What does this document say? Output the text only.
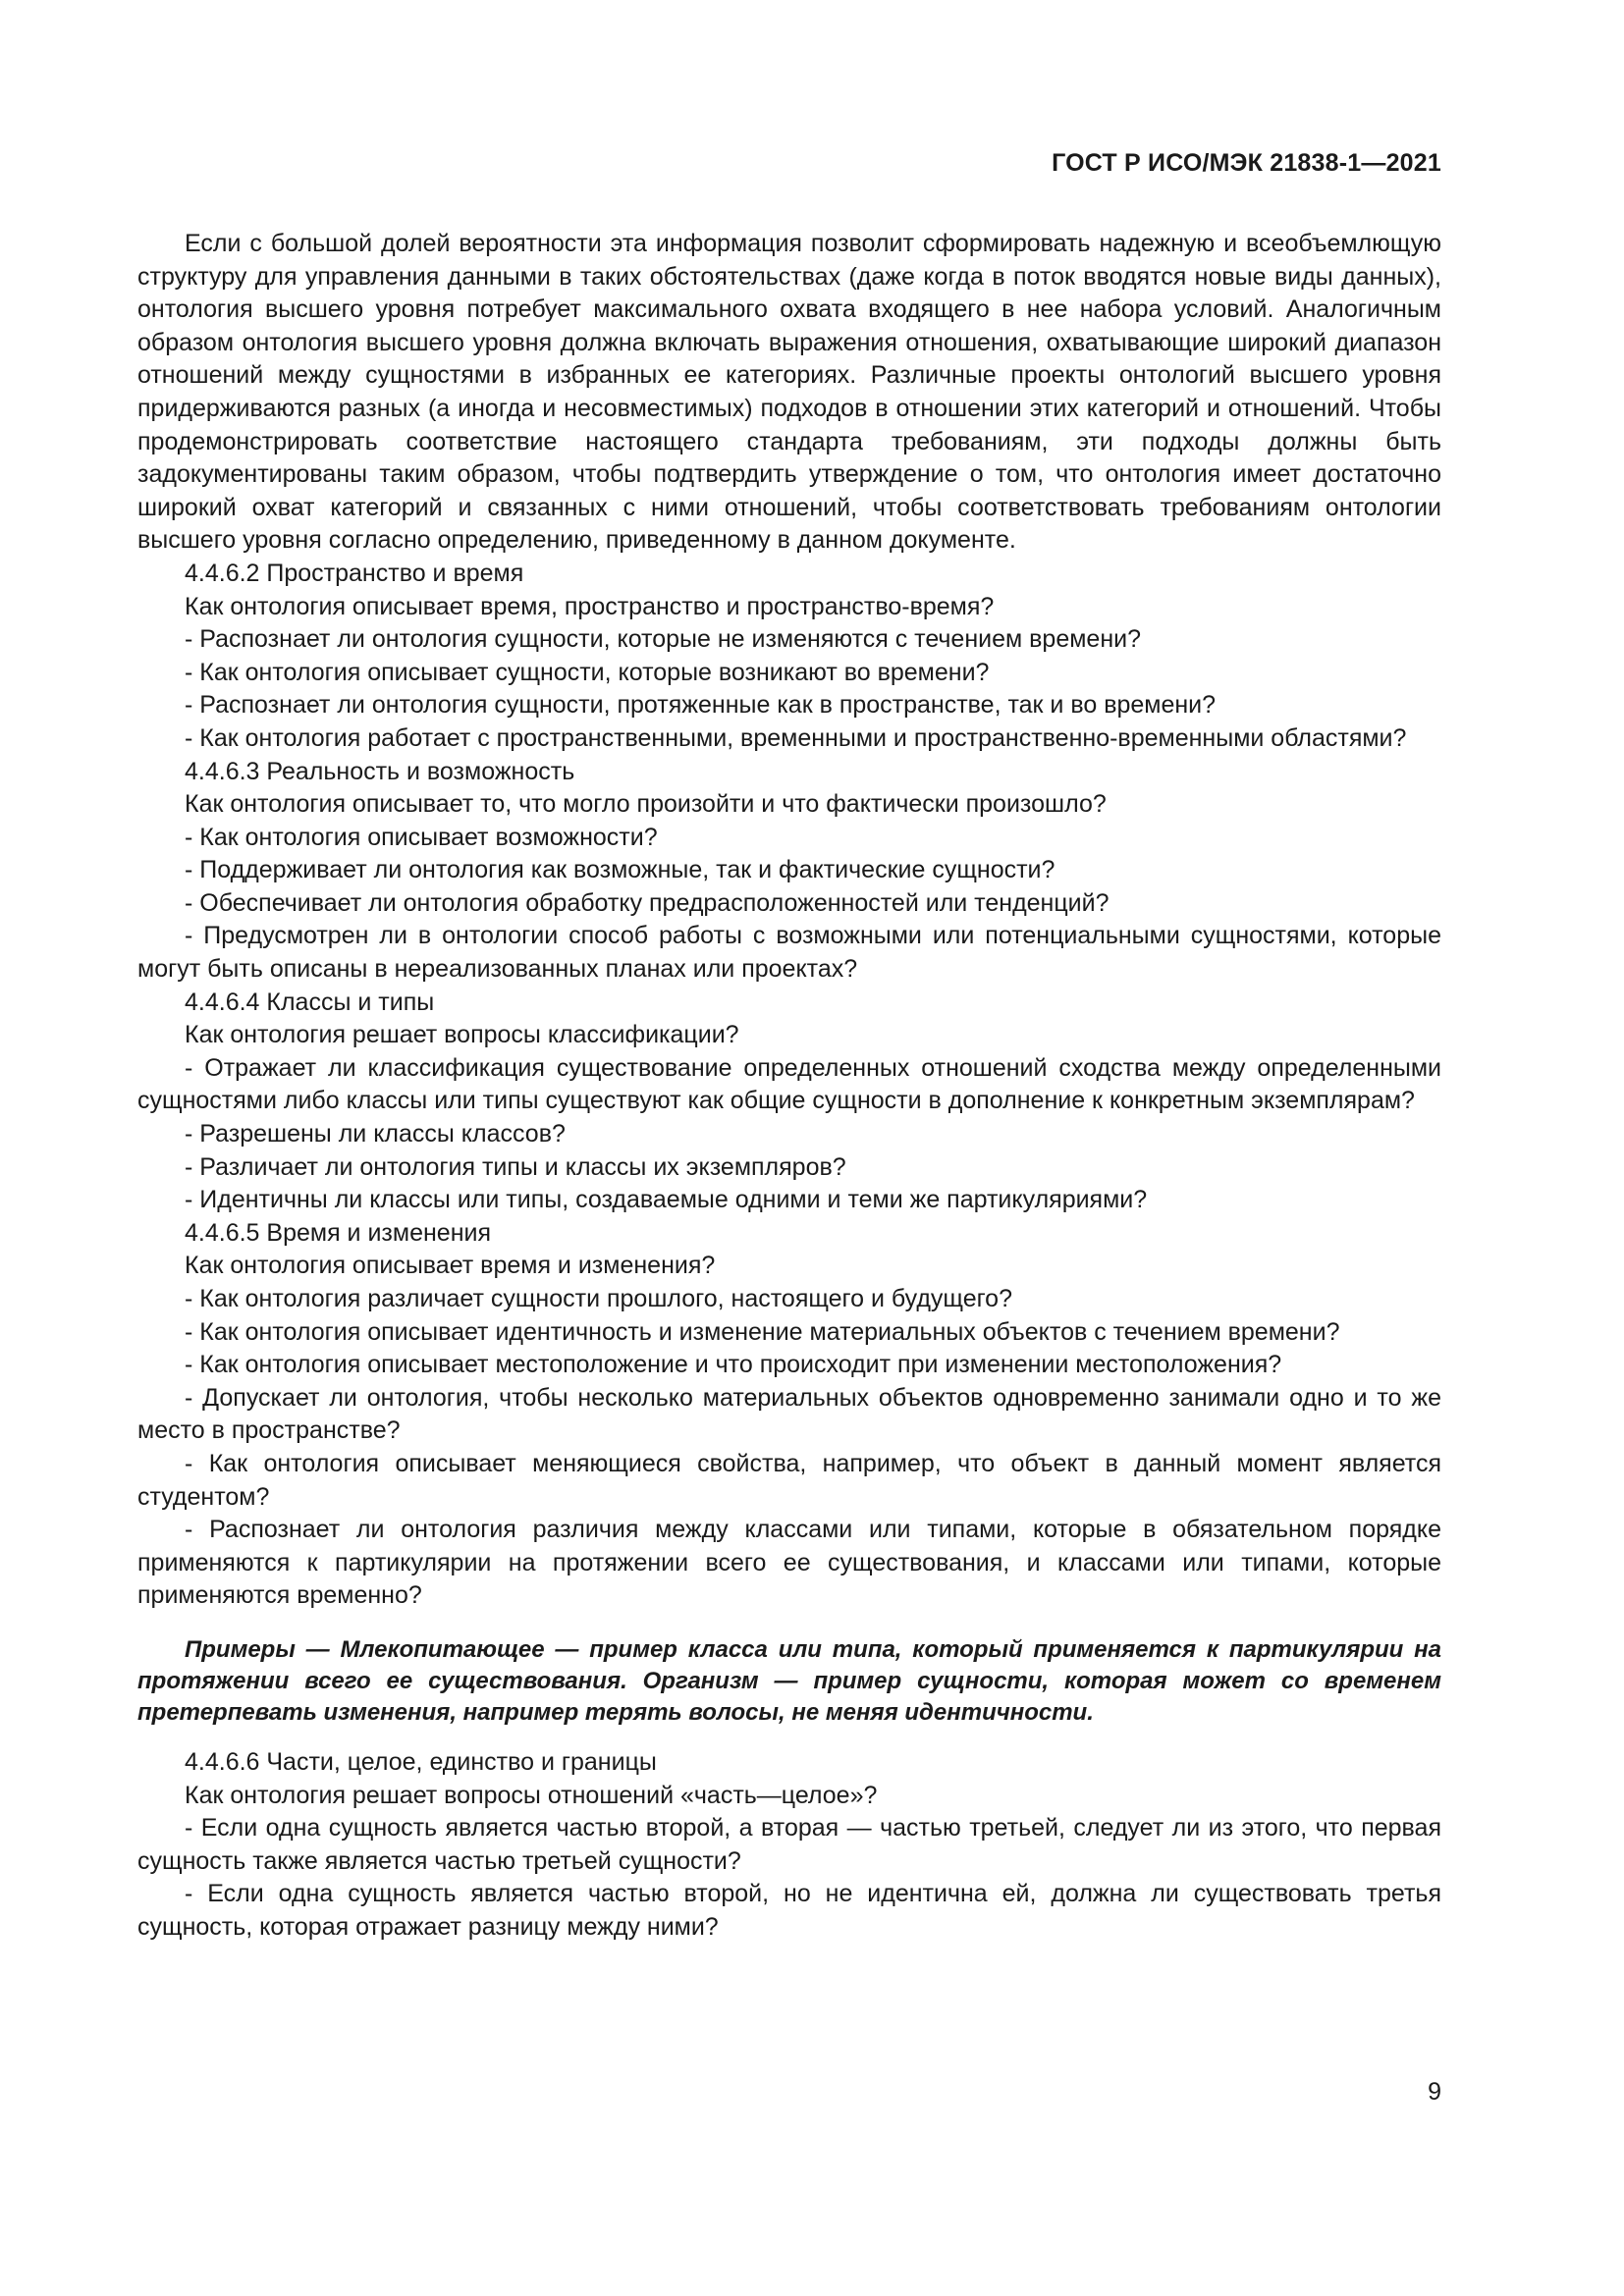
ГОСТ Р ИСО/МЭК 21838-1—2021

Если с большой долей вероятности эта информация позволит сформировать надежную и всеобъемлющую структуру для управления данными в таких обстоятельствах (даже когда в поток вводятся новые виды данных), онтология высшего уровня потребует максимального охвата входящего в нее набора условий. Аналогичным образом онтология высшего уровня должна включать выражения отношения, охватывающие широкий диапазон отношений между сущностями в избранных ее категориях. Различные проекты онтологий высшего уровня придерживаются разных (а иногда и несовместимых) подходов в отношении этих категорий и отношений. Чтобы продемонстрировать соответствие настоящего стандарта требованиям, эти подходы должны быть задокументированы таким образом, чтобы подтвердить утверждение о том, что онтология имеет достаточно широкий охват категорий и связанных с ними отношений, чтобы соответствовать требованиям онтологии высшего уровня согласно определению, приведенному в данном документе.

4.4.6.2 Пространство и время

Как онтология описывает время, пространство и пространство-время?

- Распознает ли онтология сущности, которые не изменяются с течением времени?

- Как онтология описывает сущности, которые возникают во времени?

- Распознает ли онтология сущности, протяженные как в пространстве, так и во времени?

- Как онтология работает с пространственными, временными и пространственно-временными областями?

4.4.6.3 Реальность и возможность

Как онтология описывает то, что могло произойти и что фактически произошло?

- Как онтология описывает возможности?

- Поддерживает ли онтология как возможные, так и фактические сущности?

- Обеспечивает ли онтология обработку предрасположенностей или тенденций?

- Предусмотрен ли в онтологии способ работы с возможными или потенциальными сущностями, которые могут быть описаны в нереализованных планах или проектах?

4.4.6.4 Классы и типы

Как онтология решает вопросы классификации?

- Отражает ли классификация существование определенных отношений сходства между определенными сущностями либо классы или типы существуют как общие сущности в дополнение к конкретным экземплярам?

- Разрешены ли классы классов?

- Различает ли онтология типы и классы их экземпляров?

- Идентичны ли классы или типы, создаваемые одними и теми же партикуляриями?

4.4.6.5 Время и изменения

Как онтология описывает время и изменения?

- Как онтология различает сущности прошлого, настоящего и будущего?

- Как онтология описывает идентичность и изменение материальных объектов с течением времени?

- Как онтология описывает местоположение и что происходит при изменении местоположения?

- Допускает ли онтология, чтобы несколько материальных объектов одновременно занимали одно и то же место в пространстве?

- Как онтология описывает меняющиеся свойства, например, что объект в данный момент является студентом?

- Распознает ли онтология различия между классами или типами, которые в обязательном порядке применяются к партикулярии на протяжении всего ее существования, и классами или типами, которые применяются временно?

Примеры — Млекопитающее — пример класса или типа, который применяется к партикулярии на протяжении всего ее существования. Организм — пример сущности, которая может со временем претерпевать изменения, например терять волосы, не меняя идентичности.

4.4.6.6 Части, целое, единство и границы

Как онтология решает вопросы отношений «часть—целое»?

- Если одна сущность является частью второй, а вторая — частью третьей, следует ли из этого, что первая сущность также является частью третьей сущности?

- Если одна сущность является частью второй, но не идентична ей, должна ли существовать третья сущность, которая отражает разницу между ними?

9
